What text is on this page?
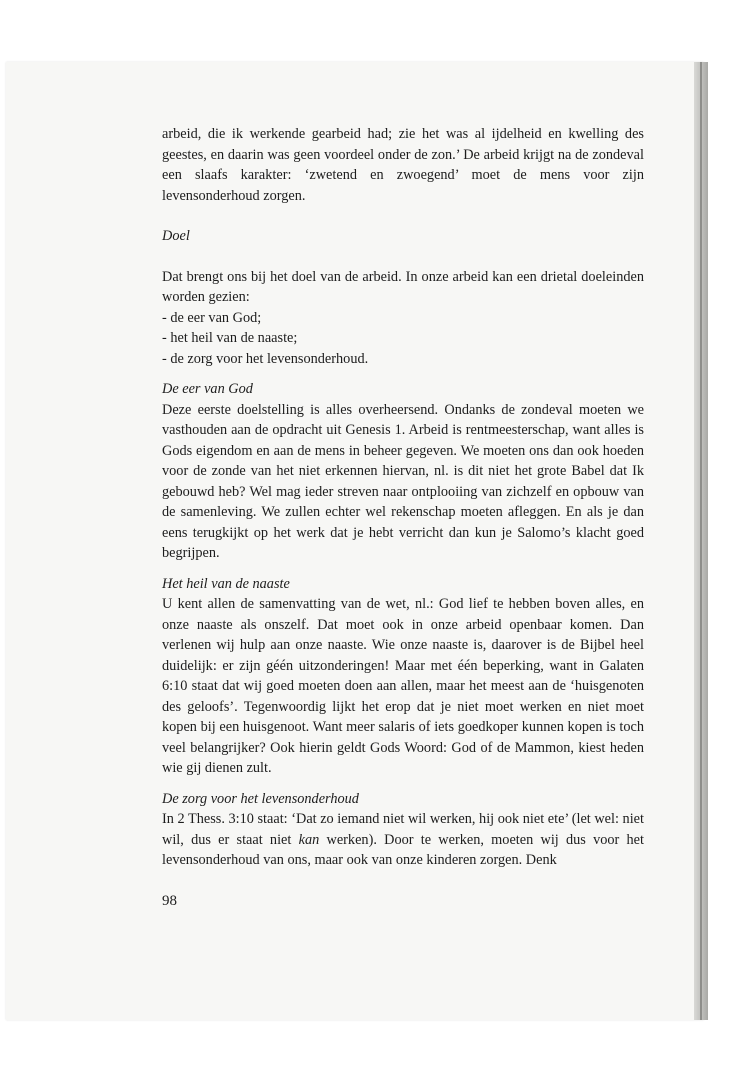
arbeid, die ik werkende gearbeid had; zie het was al ijdelheid en kwelling des geestes, en daarin was geen voordeel onder de zon.’ De arbeid krijgt na de zondeval een slaafs karakter: ‘zwetend en zwoegend’ moet de mens voor zijn levensonderhoud zorgen.

Doel

Dat brengt ons bij het doel van de arbeid. In onze arbeid kan een drietal doeleinden worden gezien:

- de eer van God;
- het heil van de naaste;
- de zorg voor het levensonderhoud.

De eer van God

Deze eerste doelstelling is alles overheersend. Ondanks de zondeval moeten we vasthouden aan de opdracht uit Genesis 1. Arbeid is rentmeesterschap, want alles is Gods eigendom en aan de mens in beheer gegeven. We moeten ons dan ook hoeden voor de zonde van het niet erkennen hiervan, nl. is dit niet het grote Babel dat Ik gebouwd heb? Wel mag ieder streven naar ontplooiing van zichzelf en opbouw van de samenleving. We zullen echter wel rekenschap moeten afleggen. En als je dan eens terugkijkt op het werk dat je hebt verricht dan kun je Salomo’s klacht goed begrijpen.

Het heil van de naaste

U kent allen de samenvatting van de wet, nl.: God lief te hebben boven alles, en onze naaste als onszelf. Dat moet ook in onze arbeid openbaar komen. Dan verlenen wij hulp aan onze naaste. Wie onze naaste is, daarover is de Bijbel heel duidelijk: er zijn géén uitzonderingen! Maar met één beperking, want in Galaten 6:10 staat dat wij goed moeten doen aan allen, maar het meest aan de ‘huisgenoten des geloofs’. Tegenwoordig lijkt het erop dat je niet moet werken en niet moet kopen bij een huisgenoot. Want meer salaris of iets goedkoper kunnen kopen is toch veel belangrijker? Ook hierin geldt Gods Woord: God of de Mammon, kiest heden wie gij dienen zult.

De zorg voor het levensonderhoud

In 2 Thess. 3:10 staat: ‘Dat zo iemand niet wil werken, hij ook niet ete’ (let wel: niet wil, dus er staat niet kan werken). Door te werken, moeten wij dus voor het levensonderhoud van ons, maar ook van onze kinderen zorgen. Denk

98
